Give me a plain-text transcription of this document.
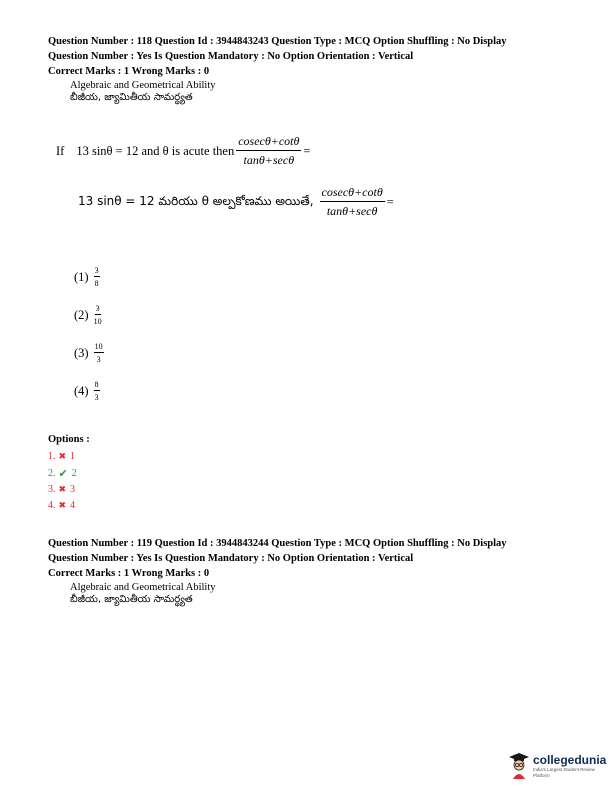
Question Number : 118 Question Id : 3944843243 Question Type : MCQ Option Shuffling : No Display
Question Number : Yes Is Question Mandatory : No Option Orientation : Vertical
Correct Marks : 1 Wrong Marks : 0
Algebraic and Geometrical Ability
బీజీయ, జ్యామితీయ సామర్థ్యత
If 13 sinθ = 12 and θ is acute then $\frac{cosec\theta+\cot\theta}{\tan\theta+\sec\theta}$ =
13 sinθ = 12 మరియు θ అల్పకోణము అయితే, $\frac{cosec\theta+\cot\theta}{\tan\theta+\sec\theta}$ =
$(1) \frac{3}{8}$
$(2) \frac{3}{10}$
$(3) \frac{10}{3}$
$(4) \frac{8}{3}$
Options :
1. ✖ 1
2. ✔ 2
3. ✖ 3
4. ✖ 4
Question Number : 119 Question Id : 3944843244 Question Type : MCQ Option Shuffling : No Display
Question Number : Yes Is Question Mandatory : No Option Orientation : Vertical
Correct Marks : 1 Wrong Marks : 0
Algebraic and Geometrical Ability
బీజీయ, జ్యామితీయ సామర్థ్యత
collegedunia
India's Largest Student Review Platform
